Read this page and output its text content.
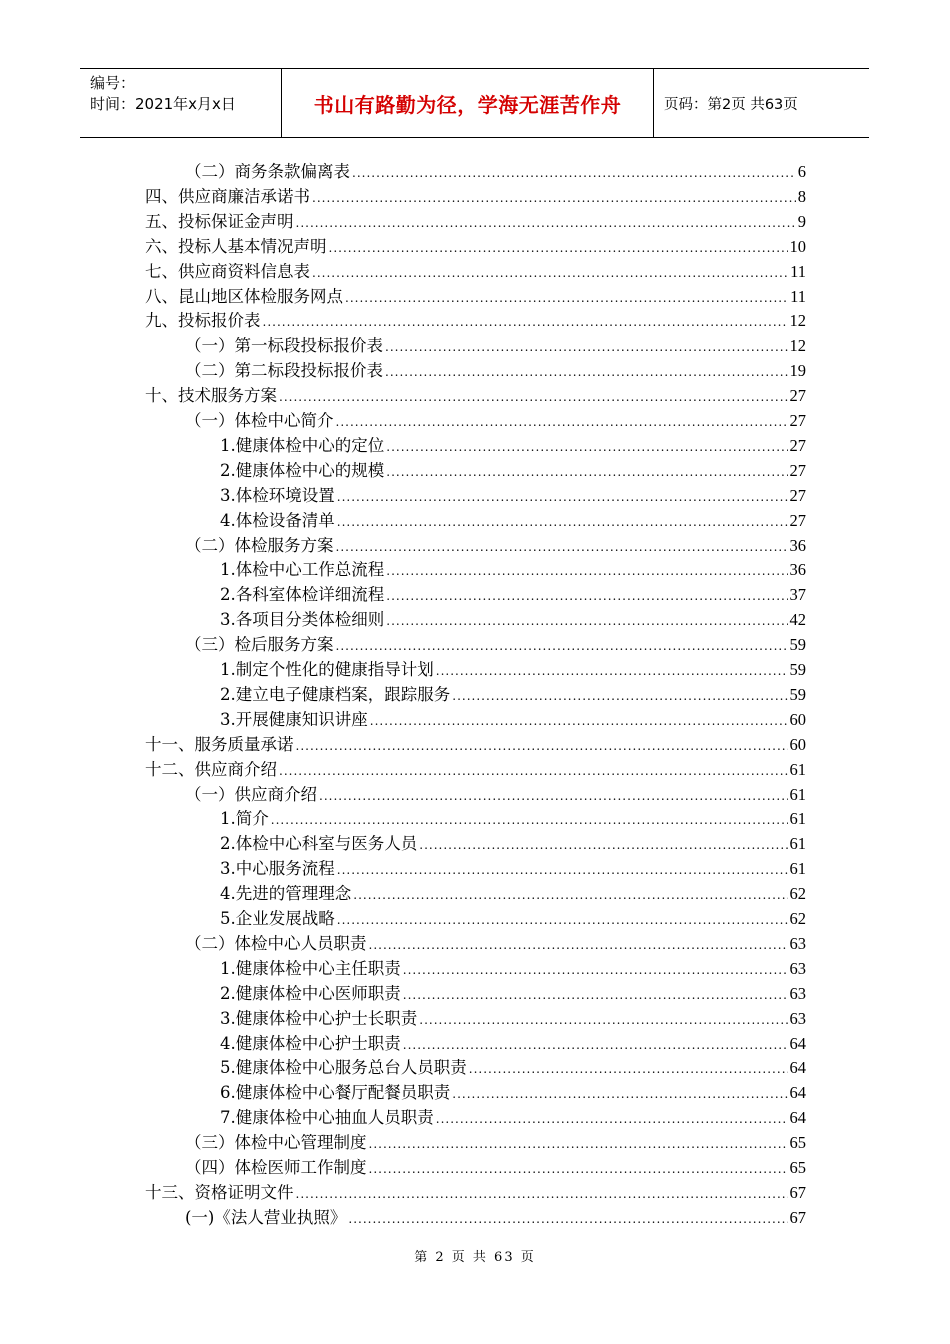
编号：
时间：2021年x月x日	书山有路勤为径，学海无涯苦作舟	页码：第2页 共63页
（二）商务条款偏离表 .....	6
四、供应商廉洁承诺书 .....	8
五、投标保证金声明 .....	9
六、投标人基本情况声明 .....	10
七、供应商资料信息表 .....	11
八、昆山地区体检服务网点 .....	11
九、投标报价表 .....	12
（一）第一标段投标报价表 .....	12
（二）第二标段投标报价表 .....	19
十、技术服务方案 .....	27
（一）体检中心简介 .....	27
1.健康体检中心的定位 .....	27
2.健康体检中心的规模 .....	27
3.体检环境设置 .....	27
4.体检设备清单 .....	27
（二）体检服务方案 .....	36
1.体检中心工作总流程 .....	36
2.各科室体检详细流程 .....	37
3.各项目分类体检细则 .....	42
（三）检后服务方案 .....	59
1.制定个性化的健康指导计划 .....	59
2.建立电子健康档案，跟踪服务 .....	59
3.开展健康知识讲座 .....	60
十一、服务质量承诺 .....	60
十二、供应商介绍 .....	61
（一）供应商介绍 .....	61
1.简介 .....	61
2.体检中心科室与医务人员 .....	61
3.中心服务流程 .....	61
4.先进的管理理念 .....	62
5.企业发展战略 .....	62
（二）体检中心人员职责 .....	63
1.健康体检中心主任职责 .....	63
2.健康体检中心医师职责 .....	63
3.健康体检中心护士长职责 .....	63
4.健康体检中心护士职责 .....	64
5.健康体检中心服务总台人员职责 .....	64
6.健康体检中心餐厅配餐员职责 .....	64
7.健康体检中心抽血人员职责 .....	64
（三）体检中心管理制度 .....	65
（四）体检医师工作制度 .....	65
十三、资格证明文件 .....	67
(一)《法人营业执照》 .....	67
第 2 页 共 63 页
